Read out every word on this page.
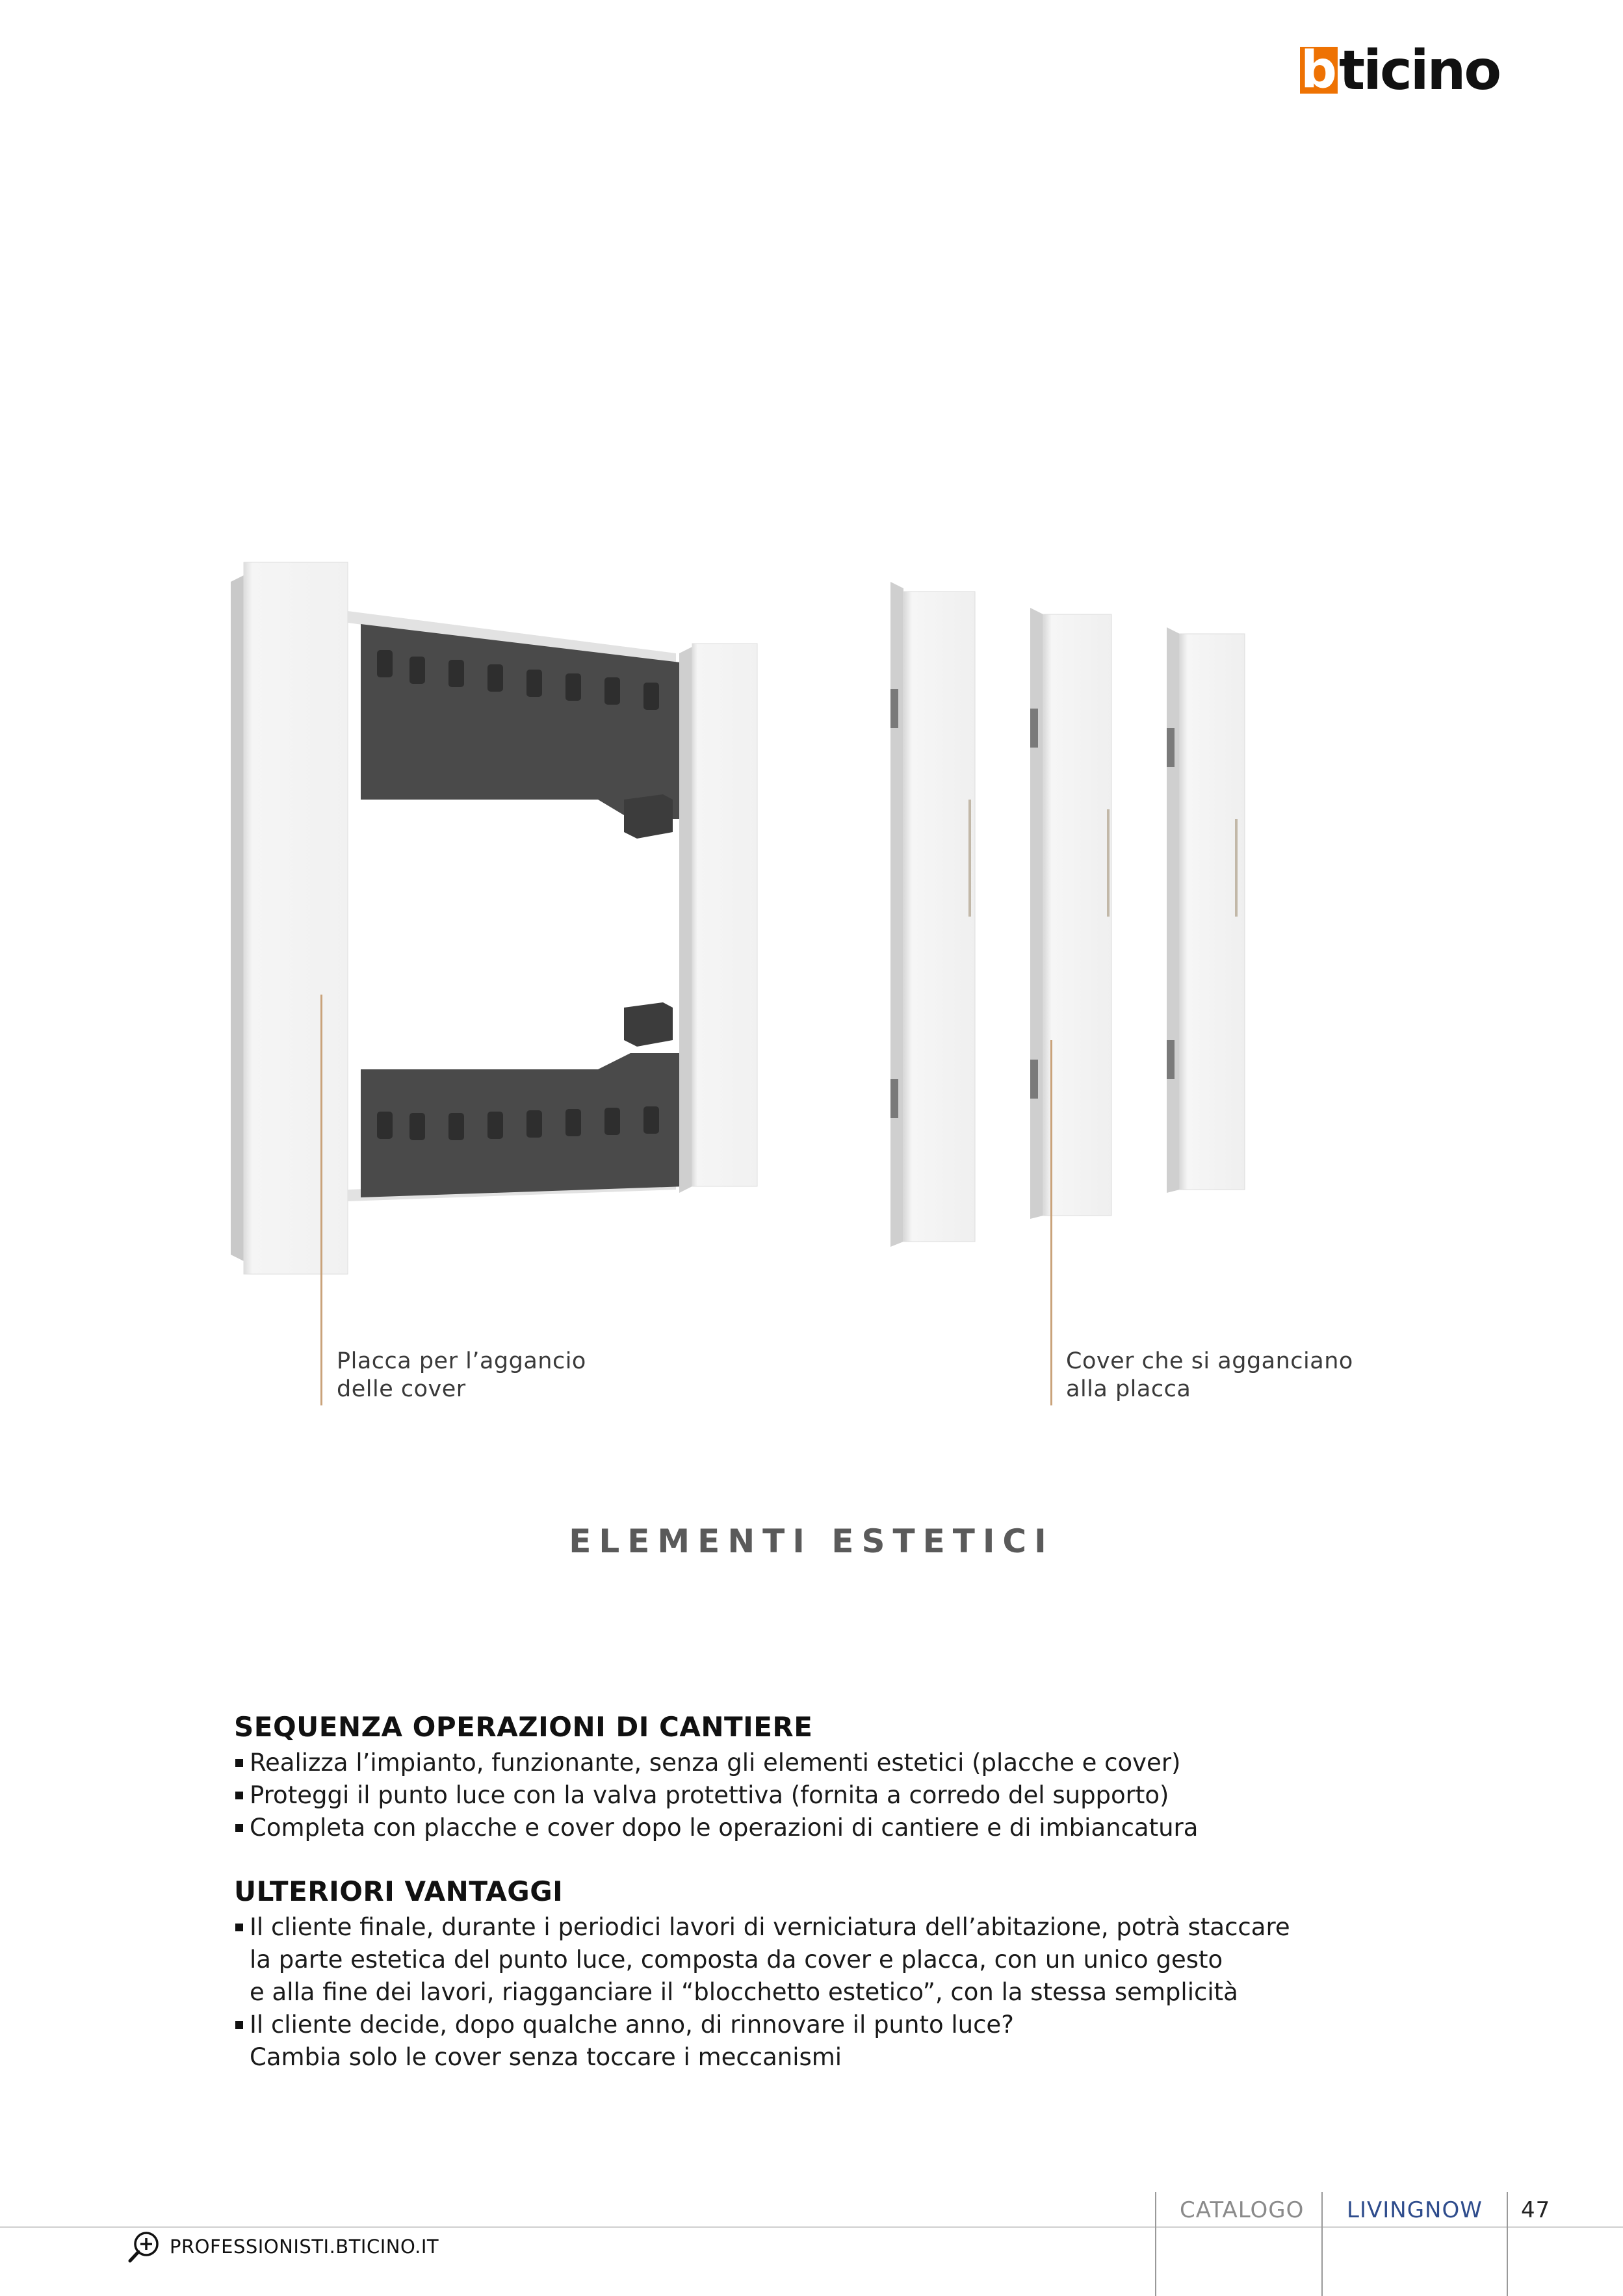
b ticino
Placca per l’aggancio
delle cover
Cover che si agganciano
alla placca
ELEMENTI ESTETICI
SEQUENZA OPERAZIONI DI CANTIERE
Realizza l’impianto, funzionante, senza gli elementi estetici (placche e cover)
Proteggi il punto luce con la valva protettiva (fornita a corredo del supporto)
Completa con placche e cover dopo le operazioni di cantiere e di imbiancatura
ULTERIORI VANTAGGI
Il cliente finale, durante i periodici lavori di verniciatura dell’abitazione, potrà staccare
la parte estetica del punto luce, composta da cover e placca, con un unico gesto
e alla fine dei lavori, riagganciare il “blocchetto estetico”, con la stessa semplicità
Il cliente decide, dopo qualche anno, di rinnovare il punto luce?
Cambia solo le cover senza toccare i meccanismi
CATALOGO LIVINGNOW 47
PROFESSIONISTI.BTICINO.IT
